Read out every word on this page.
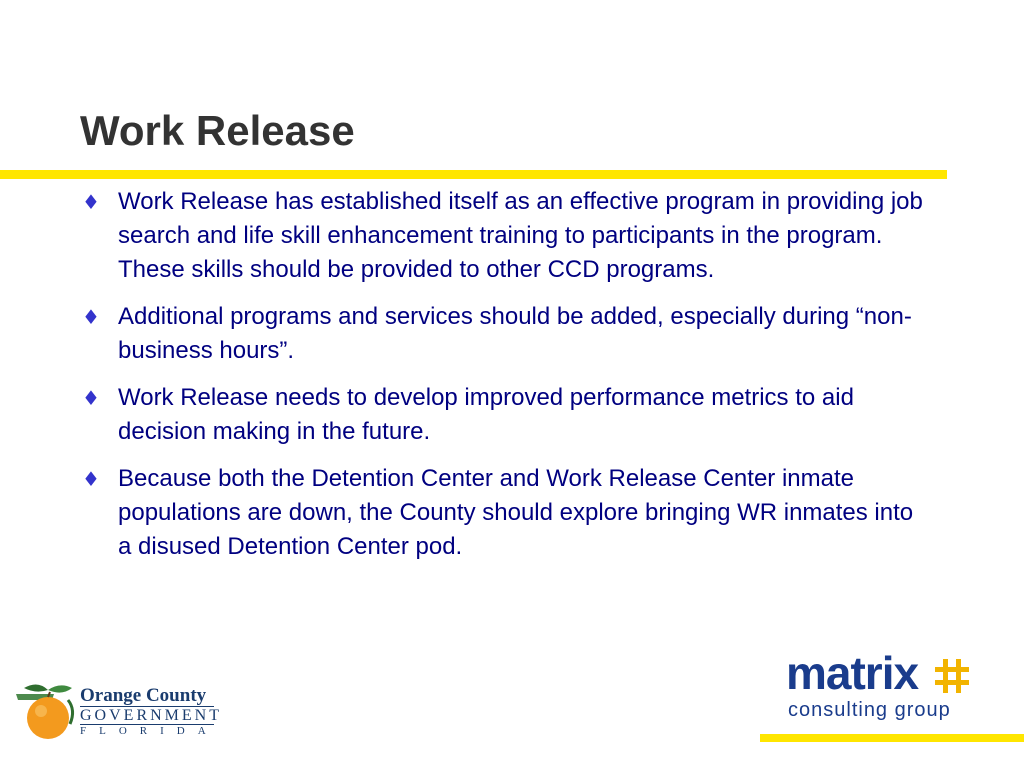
Work Release
♦ Work Release has established itself as an effective program in providing job search and life skill enhancement training to participants in the program. These skills should be provided to other CCD programs.
♦ Additional programs and services should be added, especially during “non-business hours”.
♦ Work Release needs to develop improved performance metrics to aid decision making in the future.
♦ Because both the Detention Center and Work Release Center inmate populations are down, the County should explore bringing WR inmates into a disused Detention Center pod.
Orange County
GOVERNMENT
FLORIDA
matrix
consulting group
